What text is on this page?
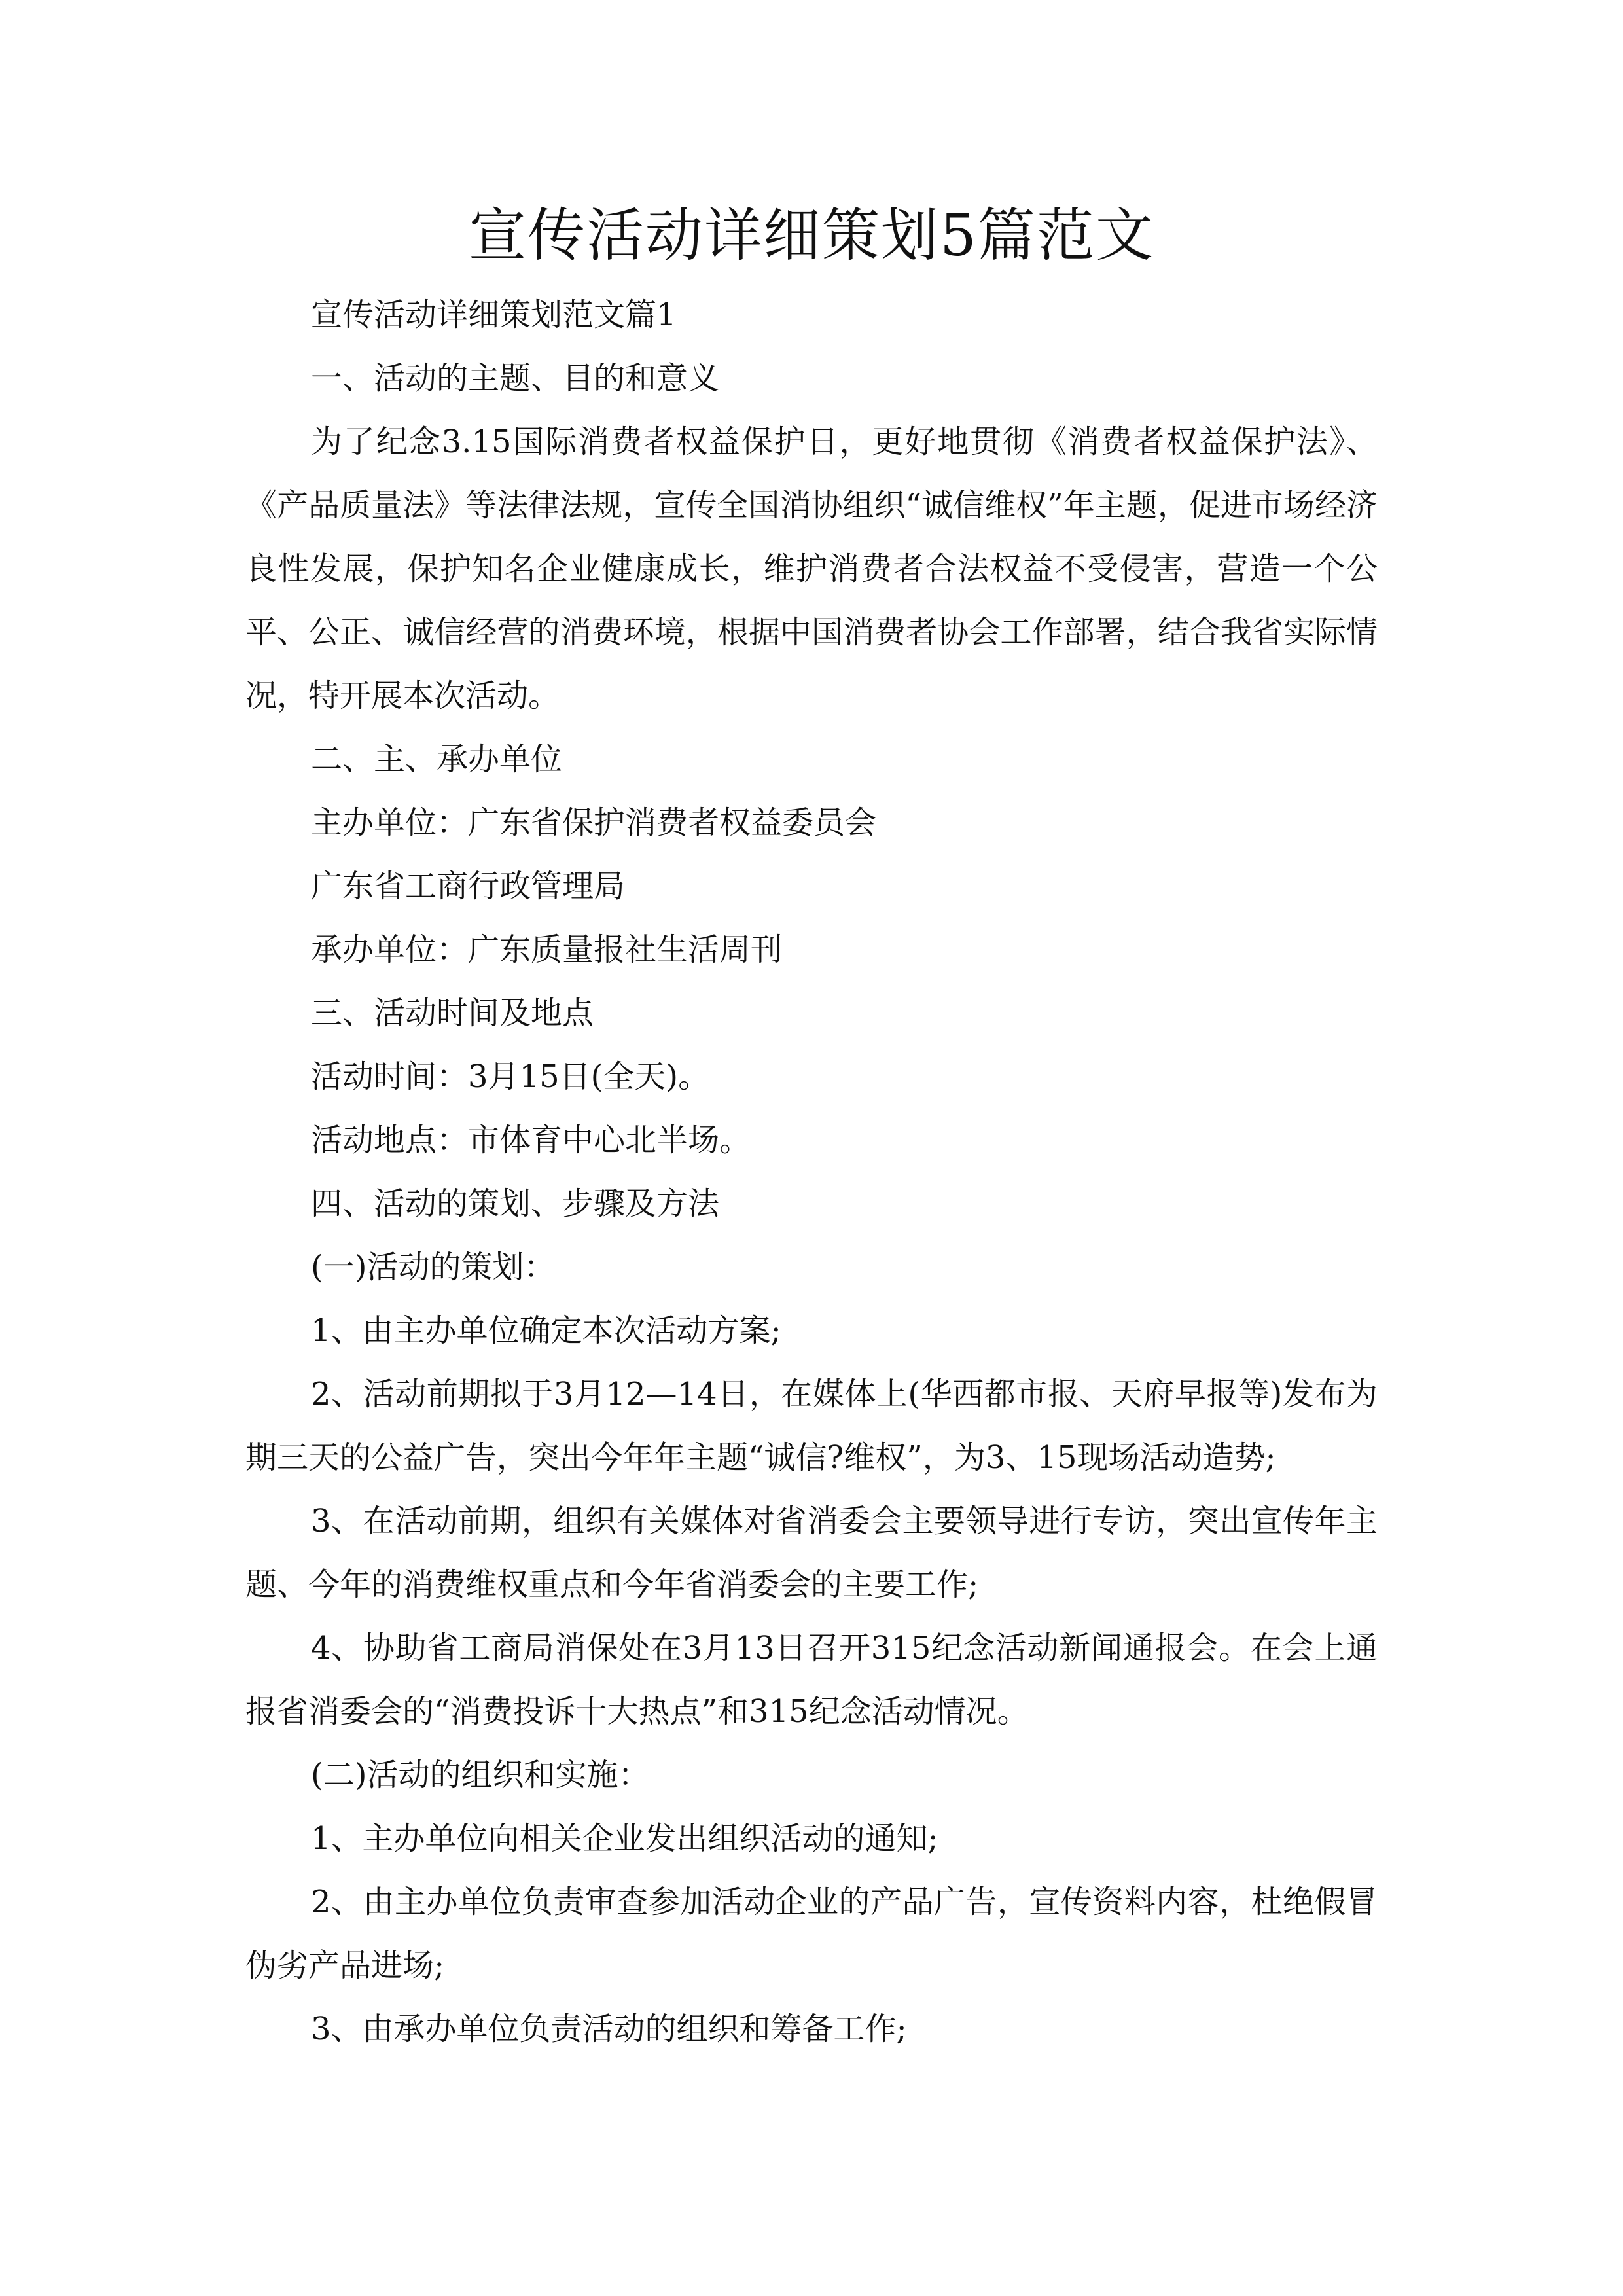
宣传活动详细策划5篇范文

宣传活动详细策划范文篇1

一、活动的主题、目的和意义

为了纪念3.15国际消费者权益保护日，更好地贯彻《消费者权益保护法》、《产品质量法》等法律法规，宣传全国消协组织“诚信维权”年主题，促进市场经济良性发展，保护知名企业健康成长，维护消费者合法权益不受侵害，营造一个公平、公正、诚信经营的消费环境，根据中国消费者协会工作部署，结合我省实际情况，特开展本次活动。

二、主、承办单位

主办单位：广东省保护消费者权益委员会

广东省工商行政管理局

承办单位：广东质量报社生活周刊

三、活动时间及地点

活动时间：3月15日(全天)。

活动地点：市体育中心北半场。

四、活动的策划、步骤及方法

(一)活动的策划：

1、由主办单位确定本次活动方案;

2、活动前期拟于3月12—14日，在媒体上(华西都市报、天府早报等)发布为期三天的公益广告，突出今年年主题“诚信?维权”，为3、15现场活动造势;

3、在活动前期，组织有关媒体对省消委会主要领导进行专访，突出宣传年主题、今年的消费维权重点和今年省消委会的主要工作;

4、协助省工商局消保处在3月13日召开315纪念活动新闻通报会。在会上通报省消委会的“消费投诉十大热点”和315纪念活动情况。

(二)活动的组织和实施：

1、主办单位向相关企业发出组织活动的通知;

2、由主办单位负责审查参加活动企业的产品广告，宣传资料内容，杜绝假冒伪劣产品进场;

3、由承办单位负责活动的组织和筹备工作;
